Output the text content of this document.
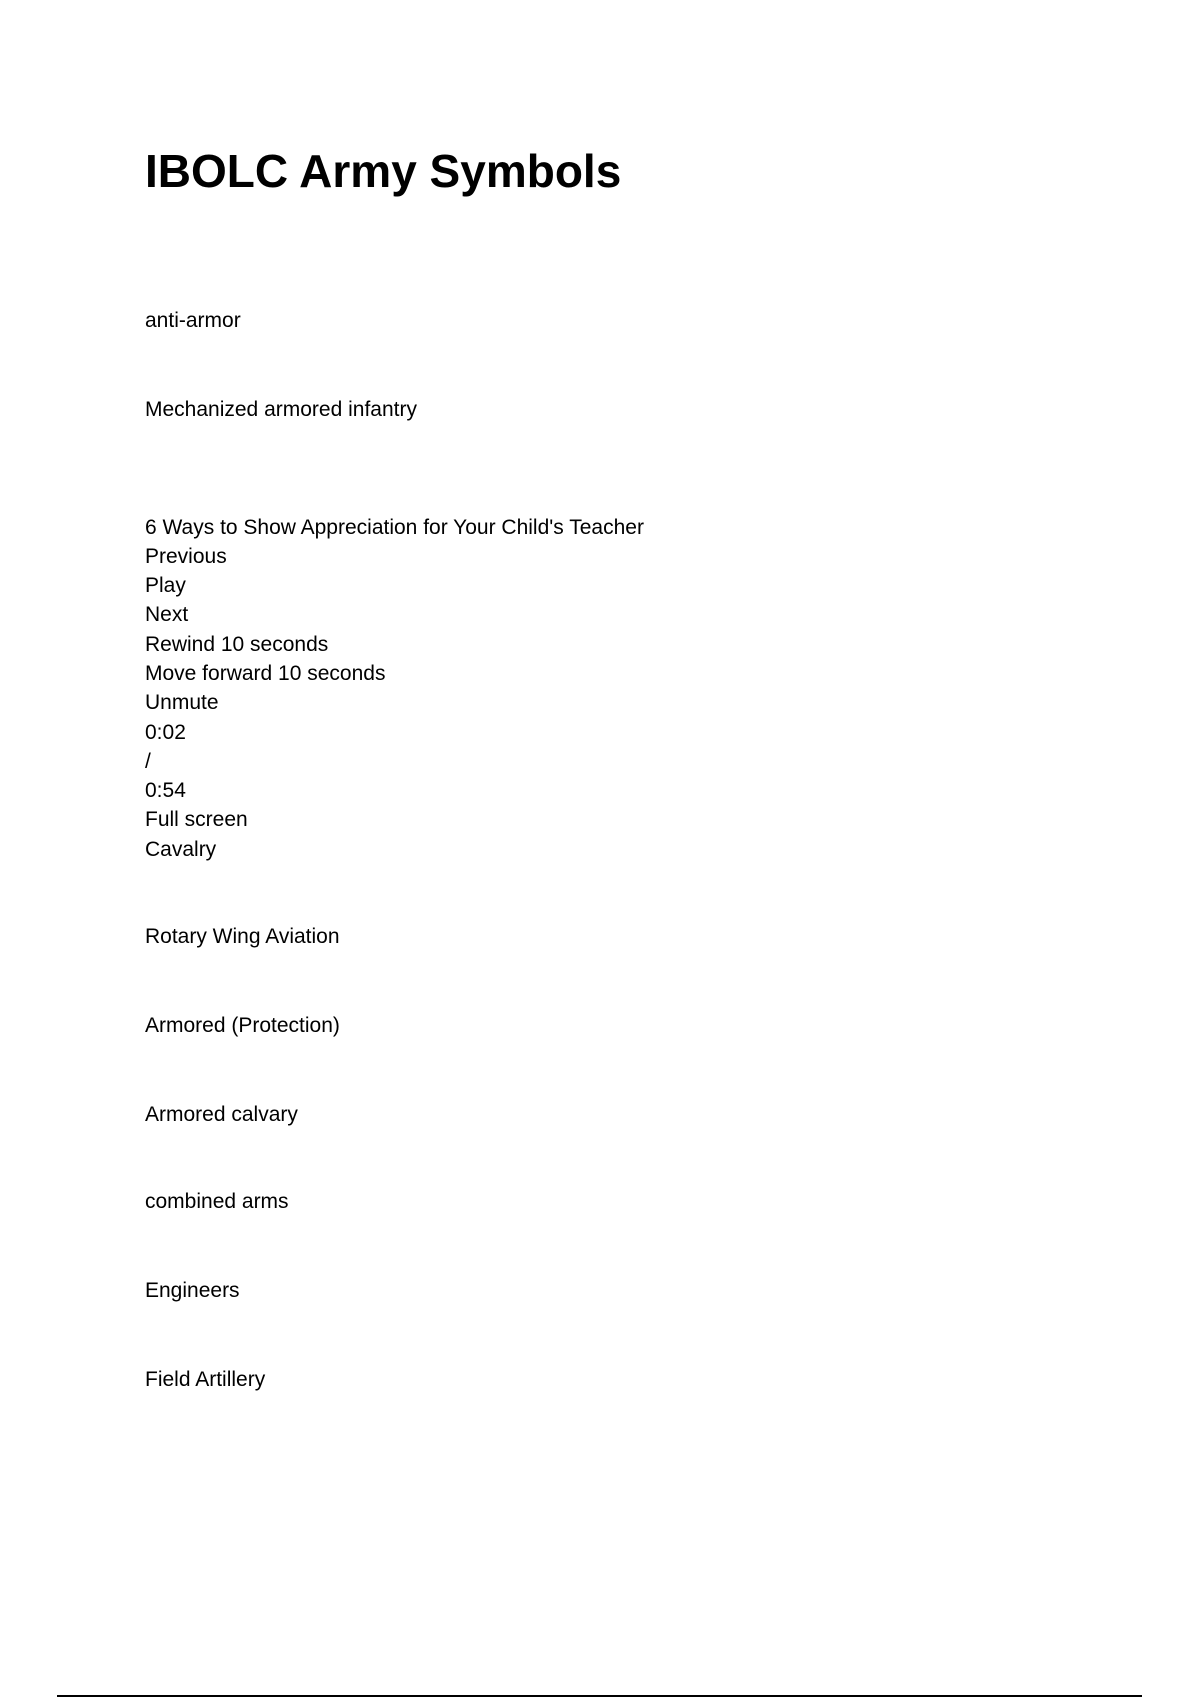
IBOLC Army Symbols

anti-armor

Mechanized armored infantry

6 Ways to Show Appreciation for Your Child's Teacher

Previous

Play

Next

Rewind 10 seconds

Move forward 10 seconds

Unmute

0:02

/

0:54

Full screen

Cavalry

Rotary Wing Aviation

Armored (Protection)

Armored calvary

combined arms

Engineers

Field Artillery
